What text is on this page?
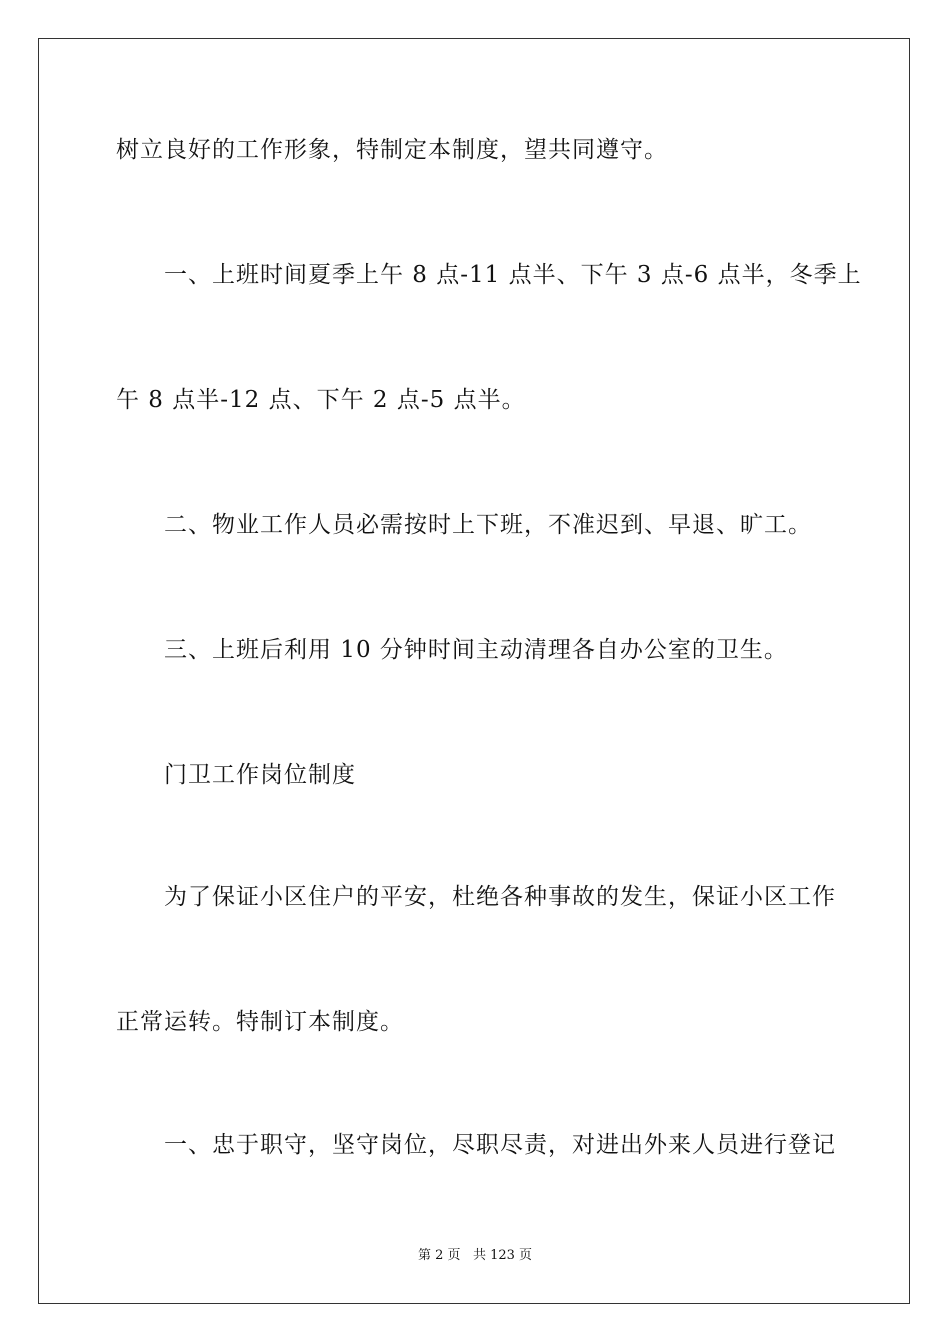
树立良好的工作形象，特制定本制度，望共同遵守。
一、上班时间夏季上午 8 点-11 点半、下午 3 点-6 点半，冬季上
午 8 点半-12 点、下午 2 点-5 点半。
二、物业工作人员必需按时上下班，不准迟到、早退、旷工。
三、上班后利用 10 分钟时间主动清理各自办公室的卫生。
门卫工作岗位制度
为了保证小区住户的平安，杜绝各种事故的发生，保证小区工作
正常运转。特制订本制度。
一、忠于职守，坚守岗位，尽职尽责，对进出外来人员进行登记
第 2 页 共 123 页
